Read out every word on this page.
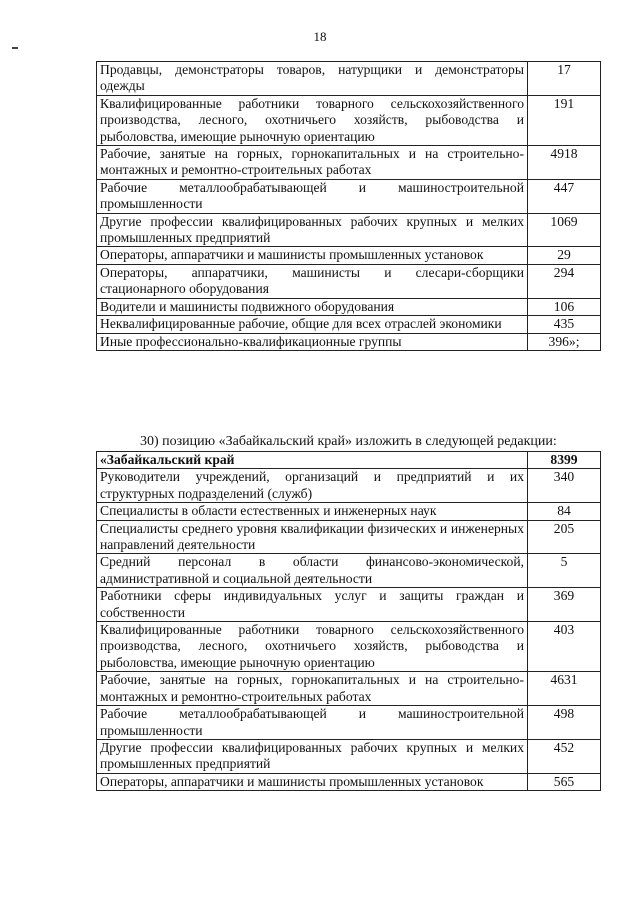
18
Продавцы, демонстраторы товаров, натурщики и демонстраторы одежды	17
Квалифицированные работники товарного сельскохозяйственного производства, лесного, охотничьего хозяйств, рыбоводства и рыболовства, имеющие рыночную ориентацию	191
Рабочие, занятые на горных, горнокапитальных и на строительно-монтажных и ремонтно-строительных работах	4918
Рабочие металлообрабатывающей и машиностроительной промышленности	447
Другие профессии квалифицированных рабочих крупных и мелких промышленных предприятий	1069
Операторы, аппаратчики и машинисты промышленных установок	29
Операторы, аппаратчики, машинисты и слесари-сборщики стационарного оборудования	294
Водители и машинисты подвижного оборудования	106
Неквалифицированные рабочие, общие для всех отраслей экономики	435
Иные профессионально-квалификационные группы	396»;
30) позицию «Забайкальский край» изложить в следующей редакции:
«Забайкальский край	8399
Руководители учреждений, организаций и предприятий и их структурных подразделений (служб)	340
Специалисты в области естественных и инженерных наук	84
Специалисты среднего уровня квалификации физических и инженерных направлений деятельности	205
Средний персонал в области финансово-экономической, административной и социальной деятельности	5
Работники сферы индивидуальных услуг и защиты граждан и собственности	369
Квалифицированные работники товарного сельскохозяйственного производства, лесного, охотничьего хозяйств, рыбоводства и рыболовства, имеющие рыночную ориентацию	403
Рабочие, занятые на горных, горнокапитальных и на строительно-монтажных и ремонтно-строительных работах	4631
Рабочие металлообрабатывающей и машиностроительной промышленности	498
Другие профессии квалифицированных рабочих крупных и мелких промышленных предприятий	452
Операторы, аппаратчики и машинисты промышленных установок	565
